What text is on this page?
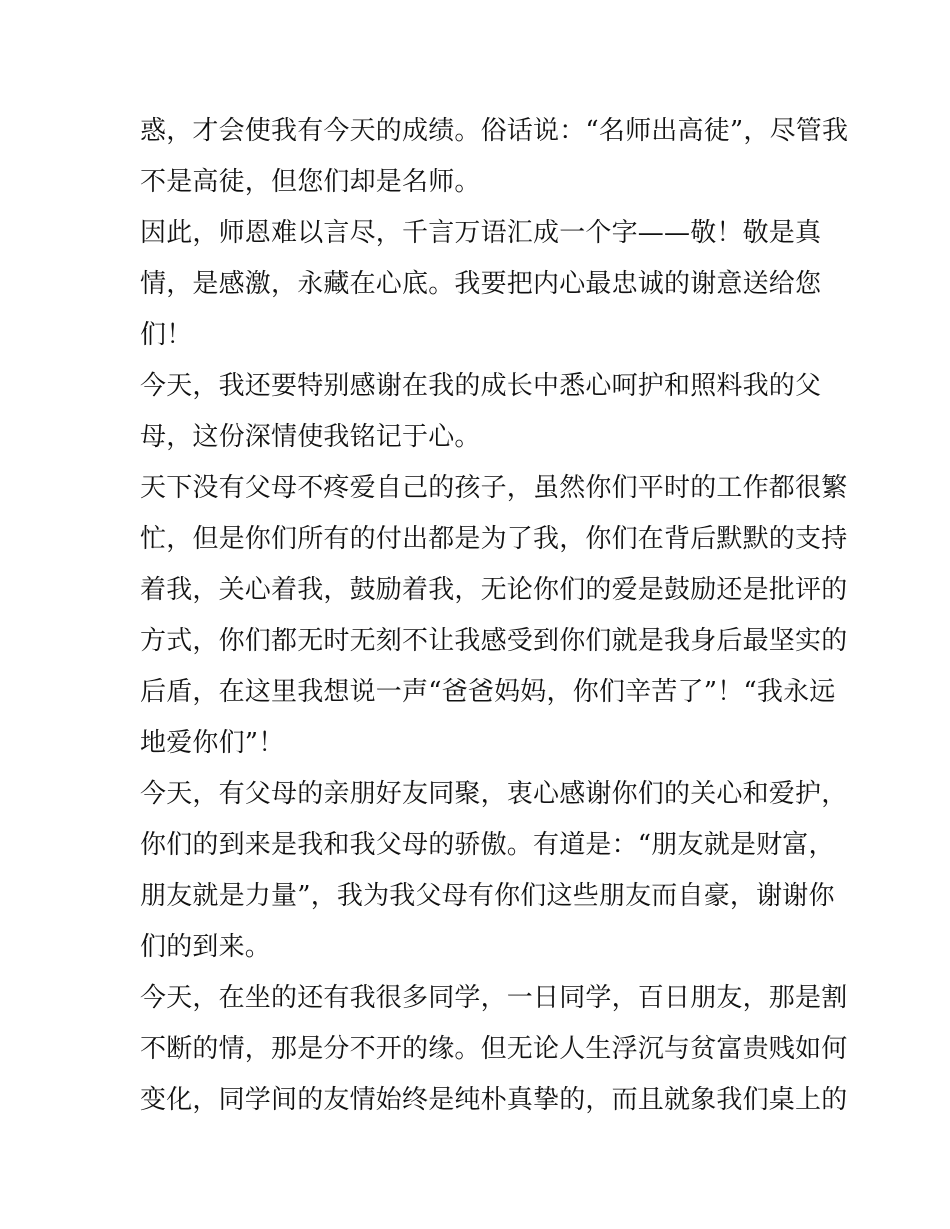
惑，才会使我有今天的成绩。俗话说：“名师出高徒”，尽管我
不是高徒，但您们却是名师。
因此，师恩难以言尽，千言万语汇成一个字——敬！敬是真
情，是感激，永藏在心底。我要把内心最忠诚的谢意送给您
们！
今天，我还要特别感谢在我的成长中悉心呵护和照料我的父
母，这份深情使我铭记于心。
天下没有父母不疼爱自己的孩子，虽然你们平时的工作都很繁
忙，但是你们所有的付出都是为了我，你们在背后默默的支持
着我，关心着我，鼓励着我，无论你们的爱是鼓励还是批评的
方式，你们都无时无刻不让我感受到你们就是我身后最坚实的
后盾，在这里我想说一声“爸爸妈妈，你们辛苦了”！“我永远
地爱你们”！
今天，有父母的亲朋好友同聚，衷心感谢你们的关心和爱护，
你们的到来是我和我父母的骄傲。有道是：“朋友就是财富，
朋友就是力量”，我为我父母有你们这些朋友而自豪，谢谢你
们的到来。
今天，在坐的还有我很多同学，一日同学，百日朋友，那是割
不断的情，那是分不开的缘。但无论人生浮沉与贫富贵贱如何
变化，同学间的友情始终是纯朴真挚的，而且就象我们桌上的
